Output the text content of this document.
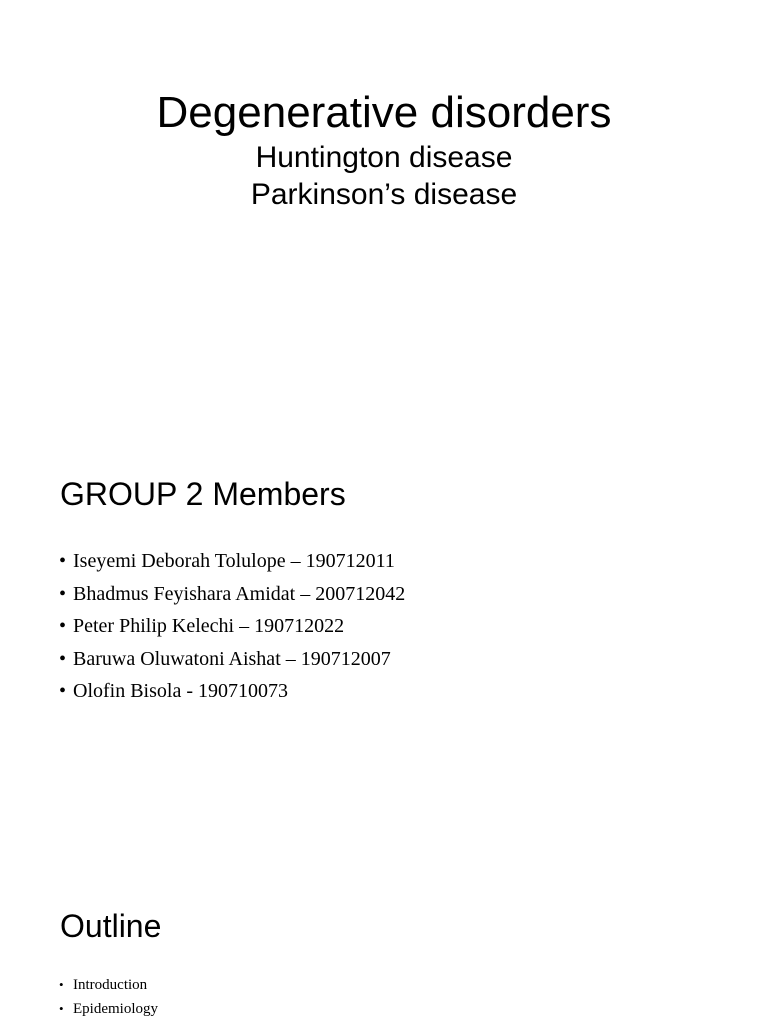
Degenerative disorders
Huntington disease
Parkinson’s disease
GROUP 2 Members
• Iseyemi Deborah Tolulope – 190712011
• Bhadmus Feyishara Amidat – 200712042
• Peter Philip Kelechi – 190712022
• Baruwa Oluwatoni Aishat – 190712007
• Olofin Bisola - 190710073
Outline
• Introduction
• Epidemiology
